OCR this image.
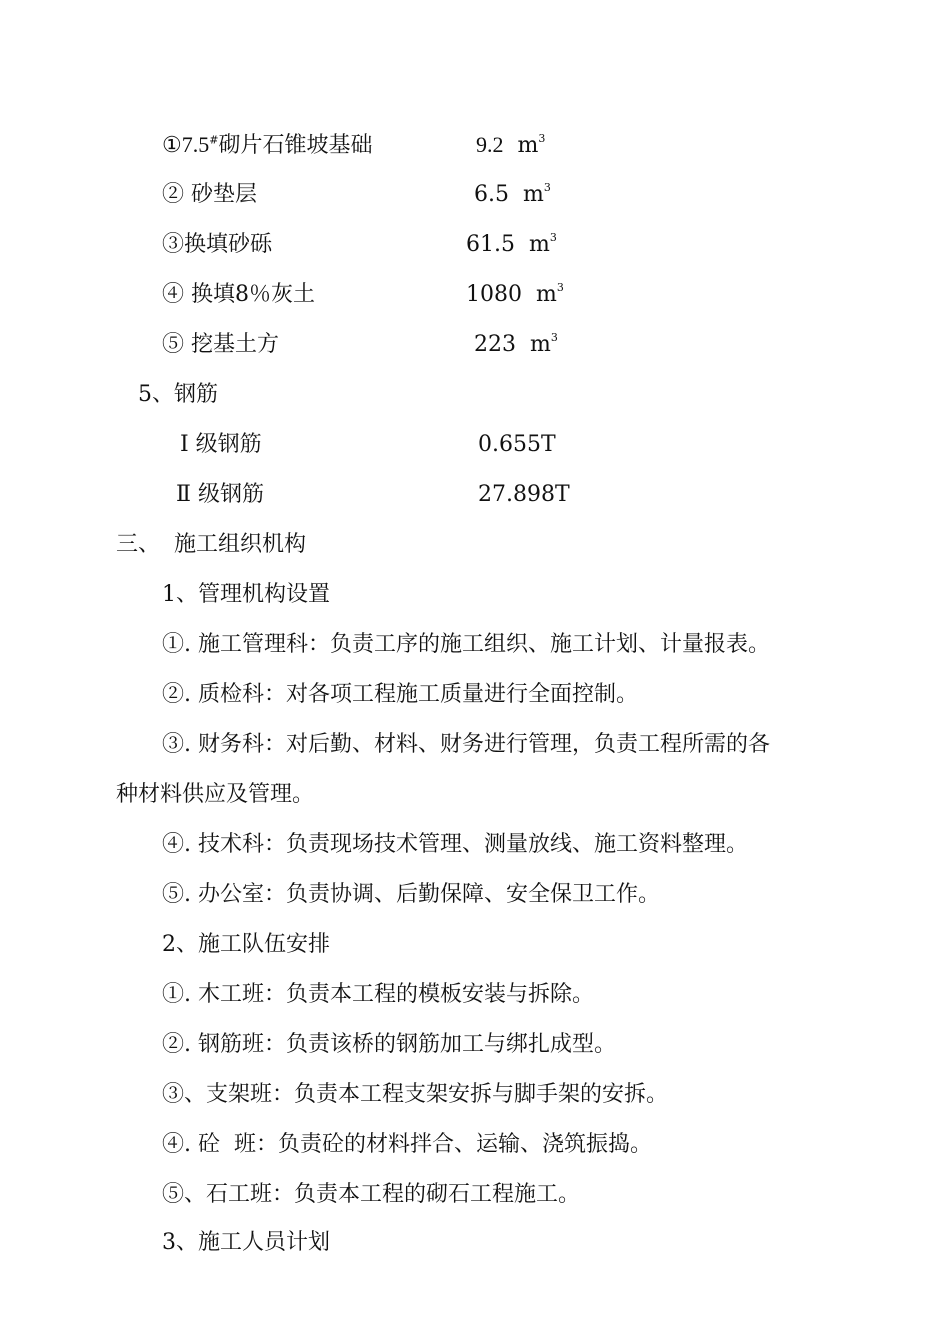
①7.5#砌片石锥坡基础	9.2 $m^3$
② 砂垫层	6.5 $m^3$
③换填砂砾	61.5 $m^3$
④ 换填8％灰土	1080 $m^3$
⑤ 挖基土方	223 $m^3$
5、钢筋
Ⅰ 级钢筋	0.655T
Ⅱ 级钢筋	27.898T
三、  施工组织机构
1、管理机构设置
①. 施工管理科：负责工序的施工组织、施工计划、计量报表。
②. 质检科：对各项工程施工质量进行全面控制。
③. 财务科：对后勤、材料、财务进行管理，负责工程所需的各
种材料供应及管理。
④. 技术科：负责现场技术管理、测量放线、施工资料整理。
⑤. 办公室：负责协调、后勤保障、安全保卫工作。
2、施工队伍安排
①. 木工班：负责本工程的模板安装与拆除。
②. 钢筋班：负责该桥的钢筋加工与绑扎成型。
③、支架班：负责本工程支架安拆与脚手架的安拆。
④. 砼  班：负责砼的材料拌合、运输、浇筑振捣。
⑤、石工班：负责本工程的砌石工程施工。
3、施工人员计划
